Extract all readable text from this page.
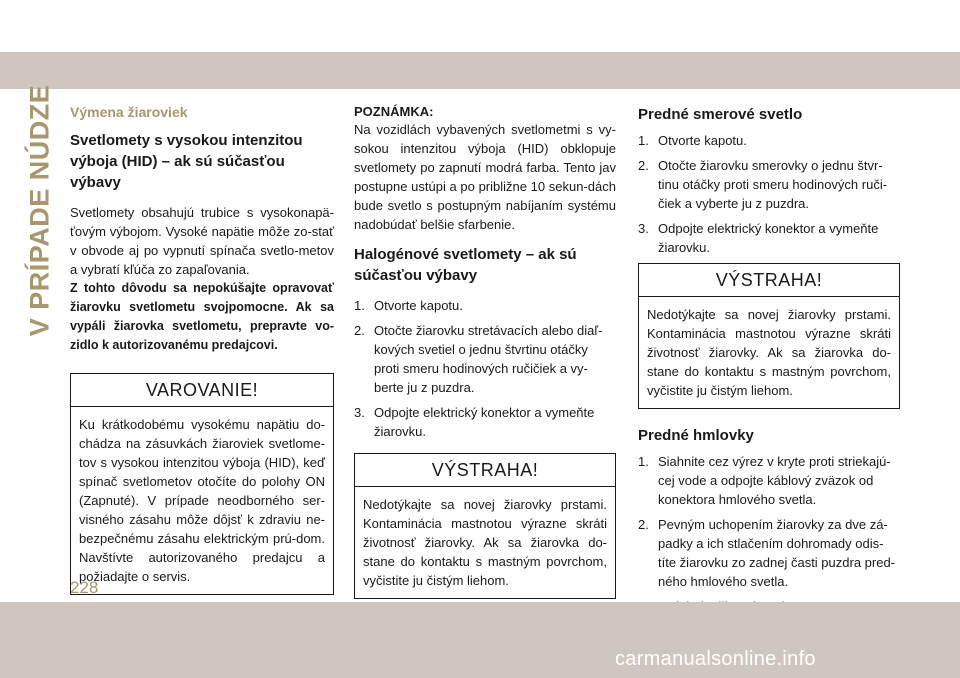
V PRÍPADE NÚDZE Výmena žiaroviek
Svetlomety s vysokou intenzitou výboja (HID) – ak sú súčasťou výbavy

Svetlomety obsahujú trubice s vysokonapä-ťovým výbojom. Vysoké napätie môže zo-stať v obvode aj po vypnutí spínača svetlo-metov a vybratí kľúča zo zapaľovania.

Z tohto dôvodu sa nepokúšajte opravovať žiarovku svetlometu svojpomocne. Ak sa vypáli žiarovka svetlometu, prepravte vo-zidlo k autorizovanému predajcovi.

VAROVANIE!
Ku krátkodobému vysokému napätiu do-chádza na zásuvkách žiaroviek svetlome-tov s vysokou intenzitou výboja (HID), keď spínač svetlometov otočíte do polohy ON (Zapnuté). V prípade neodborného ser-visného zásahu môže dôjsť k zdraviu ne-bezpečnému zásahu elektrickým prú-dom. Navštívte autorizovaného predajcu a požiadajte o servis.
POZNÁMKA:

Na vozidlách vybavených svetlometmi s vy-sokou intenzitou výboja (HID) obklopuje svetlomety po zapnutí modrá farba. Tento jav postupne ustúpi a po približne 10 sekun-dách bude svetlo s postupným nabíjaním systému nadobúdať belšie sfarbenie.

Halogénové svetlomety – ak sú súčasťou výbavy
1. Otvorte kapotu.
2. Otočte žiarovku stretávacích alebo diaľ-kových svetiel o jednu štvrtinu otáčky proti smeru hodinových ručičiek a vy-berte ju z puzdra.
3. Odpojte elektrický konektor a vymeňte žiarovku.
VÝSTRAHA!
Nedotýkajte sa novej žiarovky prstami. Kontaminácia mastnotou výrazne skráti životnosť žiarovky. Ak sa žiarovka do-stane do kontaktu s mastným povrchom, vyčistite ju čistým liehom.
Predné smerové svetlo
1. Otvorte kapotu.
2. Otočte žiarovku smerovky o jednu štvr-tinu otáčky proti smeru hodinových ruči-čiek a vyberte ju z puzdra.
3. Odpojte elektrický konektor a vymeňte žiarovku.
VÝSTRAHA!
Nedotýkajte sa novej žiarovky prstami. Kontaminácia mastnotou výrazne skráti životnosť žiarovky. Ak sa žiarovka do-stane do kontaktu s mastným povrchom, vyčistite ju čistým liehom.
Predné hmlovky
1. Siahnite cez výrez v kryte proti striekajú-cej vode a odpojte káblový zväzok od konektora hmlového svetla.
2. Pevným uchopením žiarovky za dve zá-padky a ich stlačením dohromady odis-títe žiarovku zo zadnej časti puzdra pred-ného hmlového svetla.
228
carmanualsonline.info
